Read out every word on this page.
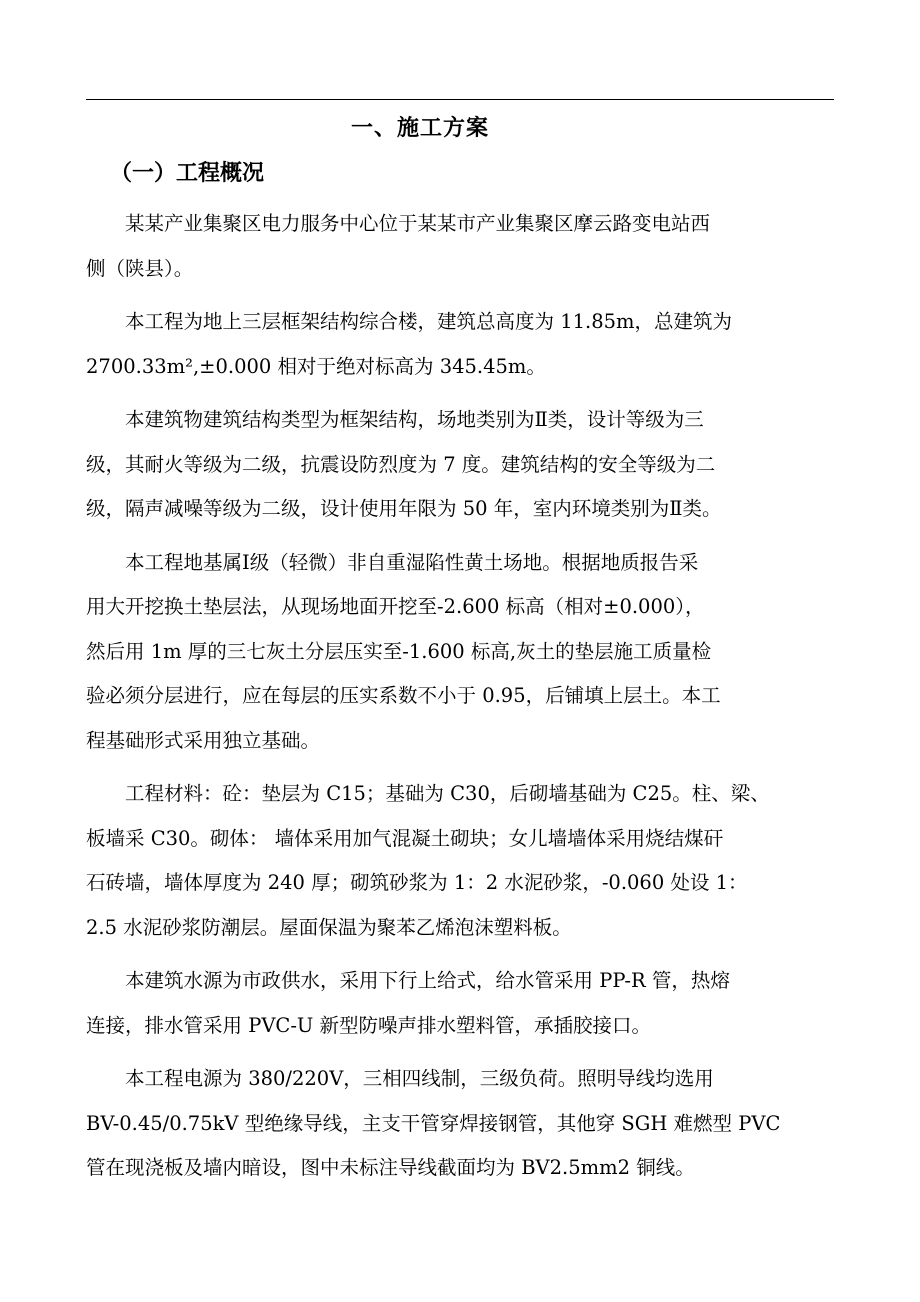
一、施工方案
（一）工程概况
某某产业集聚区电力服务中心位于某某市产业集聚区摩云路变电站西
侧（陕县）。
本工程为地上三层框架结构综合楼，建筑总高度为 11.85m，总建筑为
2700.33m²,±0.000 相对于绝对标高为 345.45m。
本建筑物建筑结构类型为框架结构，场地类别为Ⅱ类，设计等级为三
级，其耐火等级为二级，抗震设防烈度为 7 度。建筑结构的安全等级为二
级，隔声减噪等级为二级，设计使用年限为 50 年，室内环境类别为Ⅱ类。
本工程地基属Ⅰ级（轻微）非自重湿陷性黄土场地。根据地质报告采
用大开挖换土垫层法，从现场地面开挖至-2.600 标高（相对±0.000），
然后用 1m 厚的三七灰土分层压实至-1.600 标高,灰土的垫层施工质量检
验必须分层进行，应在每层的压实系数不小于 0.95，后铺填上层土。本工
程基础形式采用独立基础。
工程材料：砼：垫层为 C15；基础为 C30，后砌墙基础为 C25。柱、梁、
板墙采 C30。砌体： 墙体采用加气混凝土砌块；女儿墙墙体采用烧结煤矸
石砖墙，墙体厚度为 240 厚；砌筑砂浆为 1：2 水泥砂浆，-0.060 处设 1：
2.5 水泥砂浆防潮层。屋面保温为聚苯乙烯泡沫塑料板。
本建筑水源为市政供水，采用下行上给式，给水管采用 PP-R 管，热熔
连接，排水管采用 PVC-U 新型防噪声排水塑料管，承插胶接口。
本工程电源为 380/220V，三相四线制，三级负荷。照明导线均选用
BV-0.45/0.75kV 型绝缘导线，主支干管穿焊接钢管，其他穿 SGH 难燃型 PVC
管在现浇板及墙内暗设，图中未标注导线截面均为 BV2.5mm2 铜线。
